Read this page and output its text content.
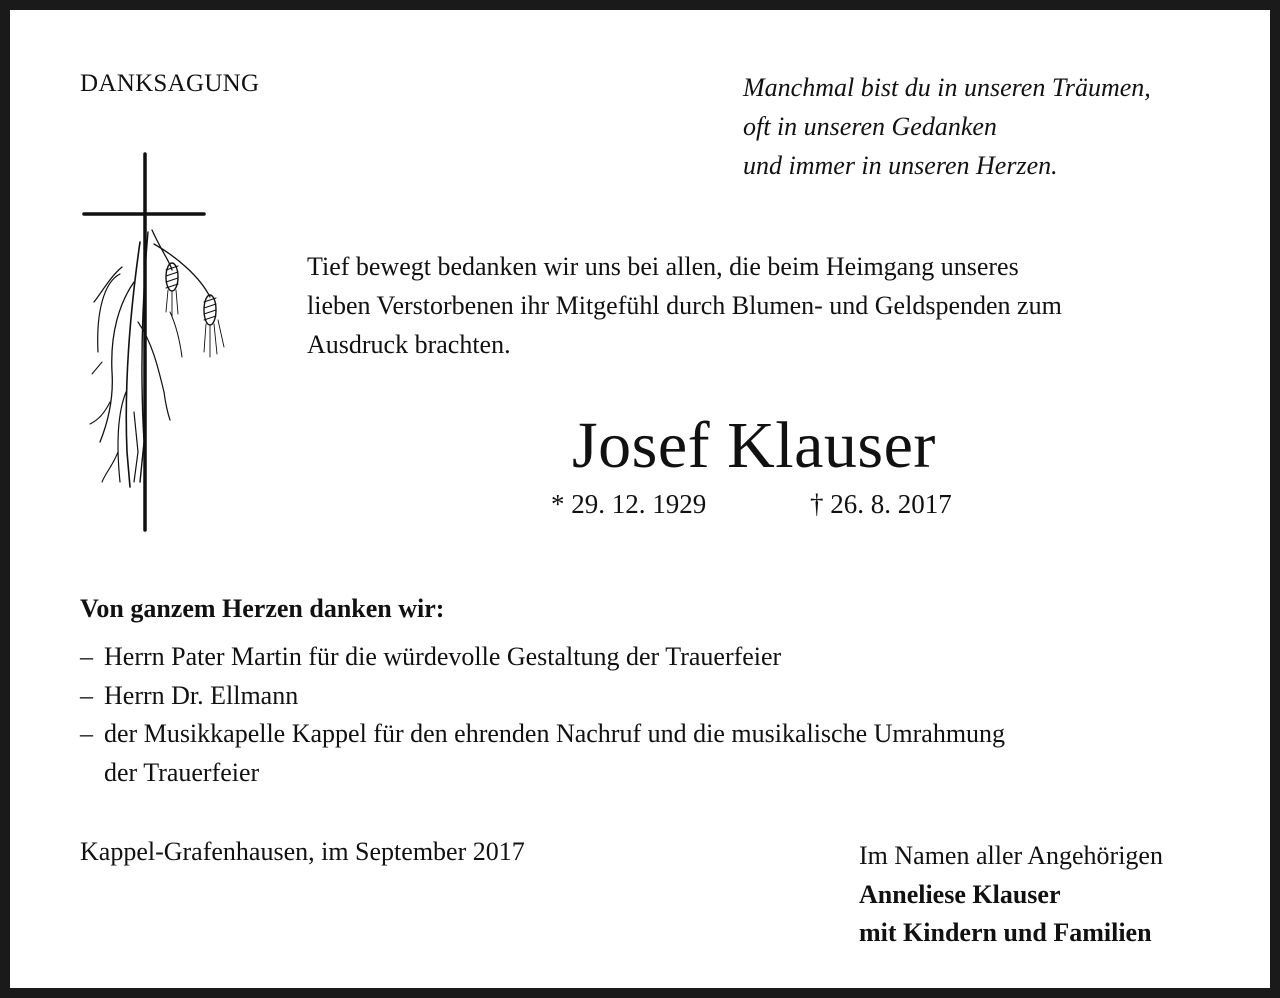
DANKSAGUNG	Manchmal bist du in unseren Träumen,
oft in unseren Gedanken
und immer in unseren Herzen.
Tief bewegt bedanken wir uns bei allen, die beim Heimgang unseres
lieben Verstorbenen ihr Mitgefühl durch Blumen- und Geldspenden zum
Ausdruck brachten.
Josef Klauser
* 29. 12. 1929	† 26. 8. 2017
Von ganzem Herzen danken wir:
– Herrn Pater Martin für die würdevolle Gestaltung der Trauerfeier
– Herrn Dr. Ellmann
– der Musikkapelle Kappel für den ehrenden Nachruf und die musikalische Umrahmung
der Trauerfeier
Kappel-Grafenhausen, im September 2017	Im Namen aller Angehörigen
Anneliese Klauser
mit Kindern und Familien
